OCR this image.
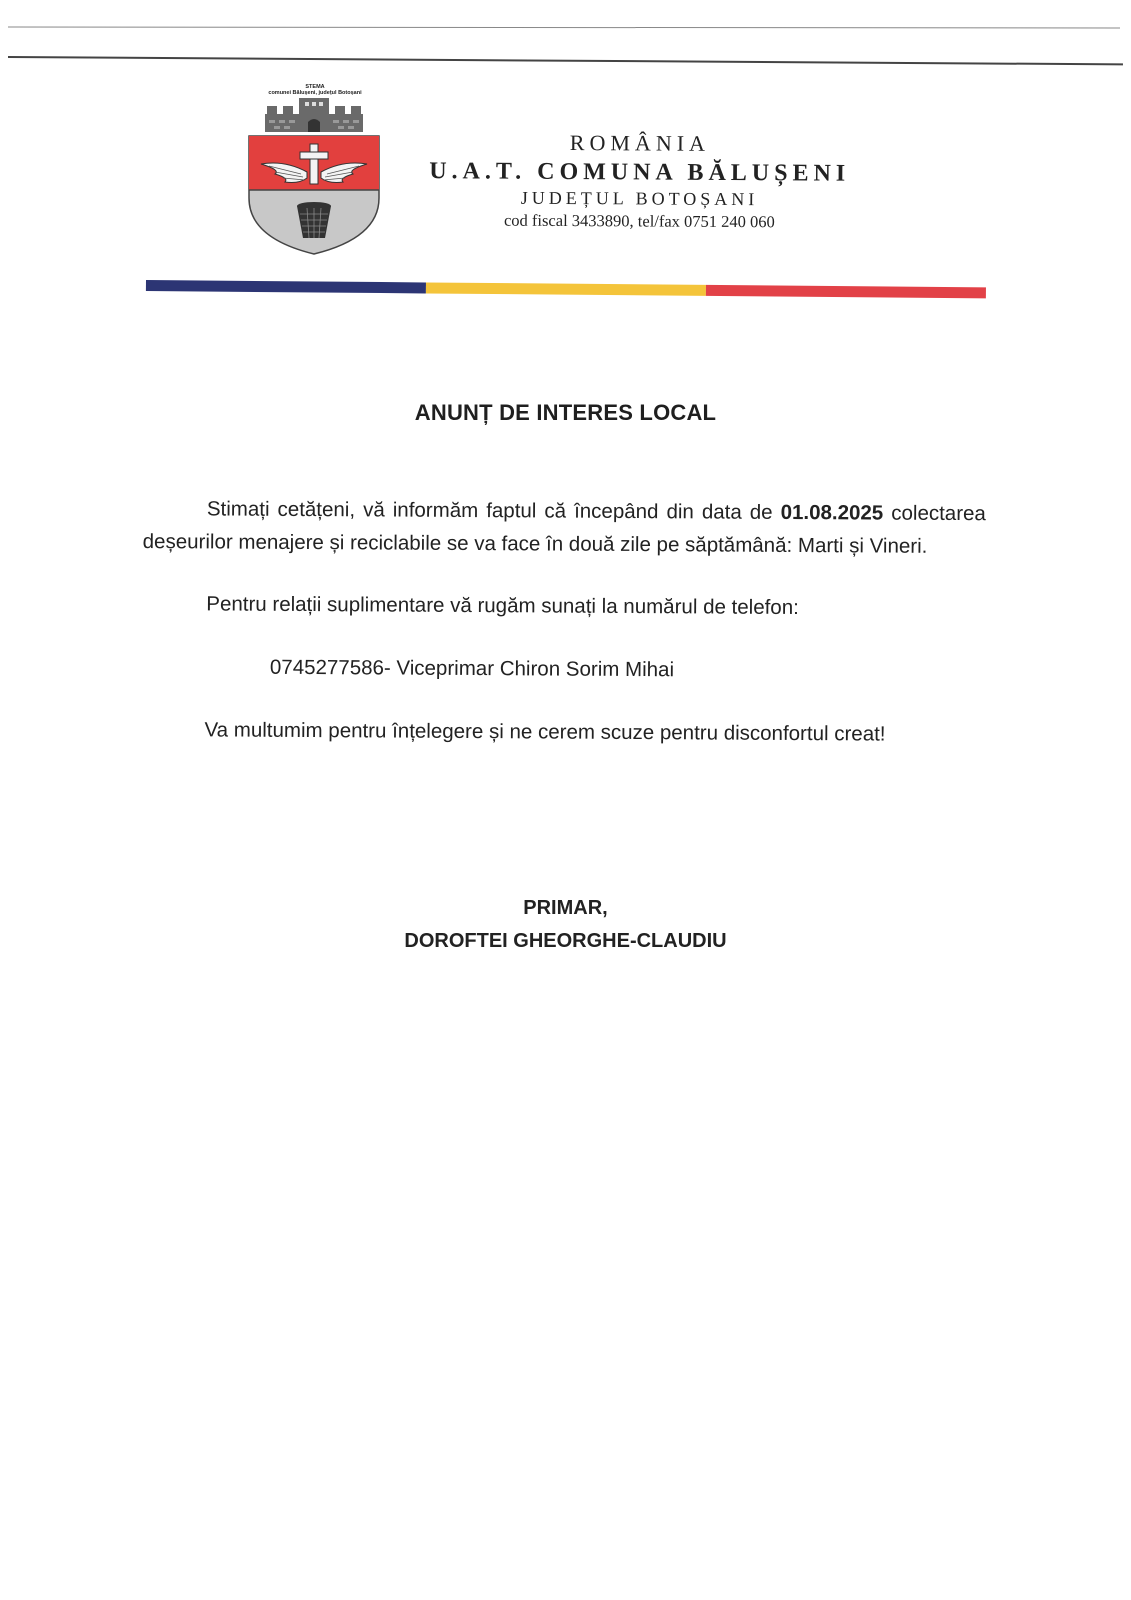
STEMA
comunei Bălușeni, județul Botoșani
ROMÂNIA
U.A.T. COMUNA BĂLUȘENI
JUDEȚUL BOTOȘANI
cod fiscal 3433890, tel/fax 0751 240 060
ANUNȚ DE INTERES LOCAL

Stimați cetățeni, vă informăm faptul că începând din data de 01.08.2025 colectarea deșeurilor menajere și reciclabile se va face în două zile pe săptămână: Marti și Vineri.

Pentru relații suplimentare vă rugăm sunați la numărul de telefon:
0745277586- Viceprimar Chiron Sorim Mihai
Va multumim pentru înțelegere și ne cerem scuze pentru disconfortul creat!
PRIMAR,
DOROFTEI GHEORGHE-CLAUDIU
